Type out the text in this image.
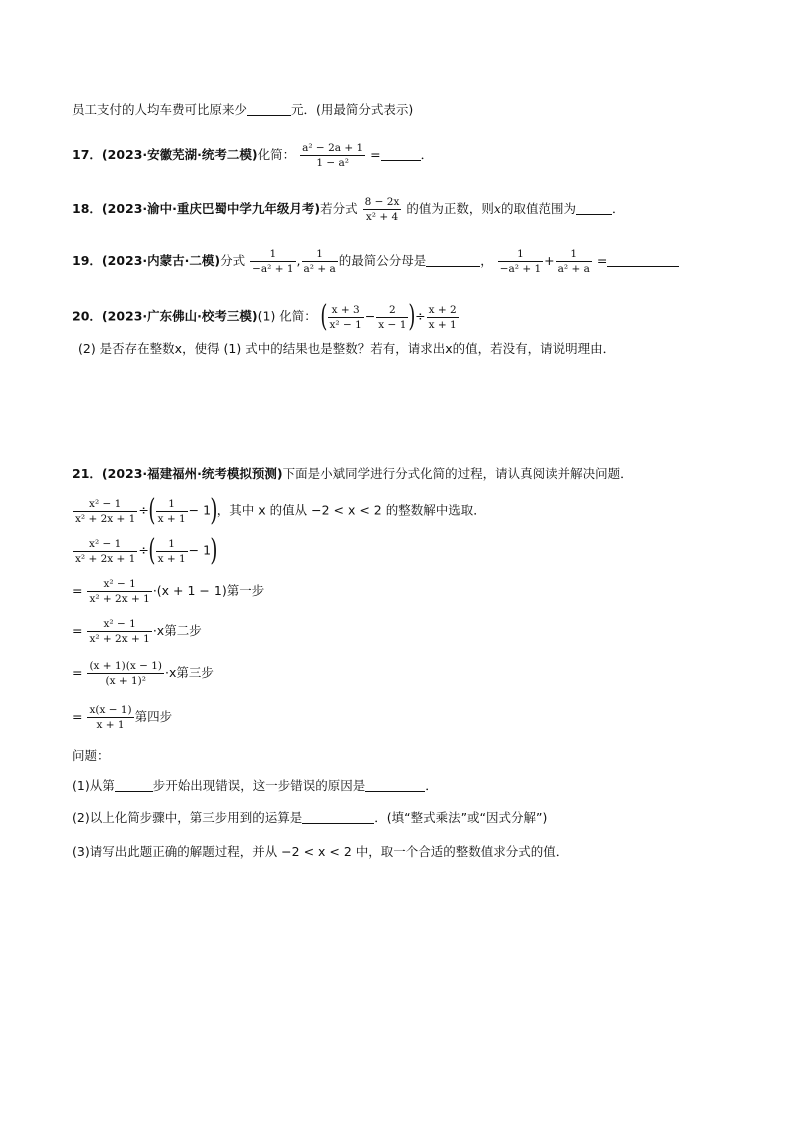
员工支付的人均车费可比原来少	元．(用最简分式表示)
17．(2023·安徽芜湖·统考二模)化简： $\frac{\text{a² − 2a + 1}}{\text{1 − a²}}$ =	．
18．(2023·渝中·重庆巴蜀中学九年级月考)若分式 $\frac{8 - 2x}{\text{x² + 4}}$ 的值为正数，则x的取值范围为	．
19．(2023·内蒙古·二模)分式 $\frac{1}{\text{−a² + 1}}$ , $\frac{1}{\text{a² + a}}$ 的最简公分母是	， $\frac{1}{\text{−a² + 1}} + \frac{1}{\text{a² + a}}$ =
20．(2023·广东佛山·校考三模)(1) 化简： ( $\frac{x + 3}{\text{x² − 1}} - \frac{2}{x - 1}$ )÷ $\frac{x + 2}{x + 1}$
(2) 是否存在整数x，使得 (1) 式中的结果也是整数？若有，请求出x的值，若没有，请说明理由．
21．(2023·福建福州·统考模拟预测)下面是小斌同学进行分式化简的过程，请认真阅读并解决问题．
$\frac{\text{x² − 1}}{\text{x² + 2x + 1}}$ ÷( $\frac{1}{x + 1} - 1$)，其中 x 的值从 −2 < x < 2 的整数解中选取．
$\frac{\text{x² − 1}}{\text{x² + 2x + 1}}$ ÷( $\frac{1}{x + 1} - 1$)
= $\frac{\text{x² − 1}}{\text{x² + 2x + 1}} \cdot(x + 1 - 1)$第一步
= $\frac{\text{x² − 1}}{\text{x² + 2x + 1}} \cdot x$第二步
= $\frac{(x + 1)(x - 1)}{\text{(x + 1)²}} \cdot x$第三步
= $\frac{x(x - 1)}{x + 1}$ 第四步
问题：
(1)从第	步开始出现错误，这一步错误的原因是	．
(2)以上化简步骤中，第三步用到的运算是	．(填“整式乘法”或“因式分解”)
(3)请写出此题正确的解题过程，并从 −2 < x < 2 中，取一个合适的整数值求分式的值．
